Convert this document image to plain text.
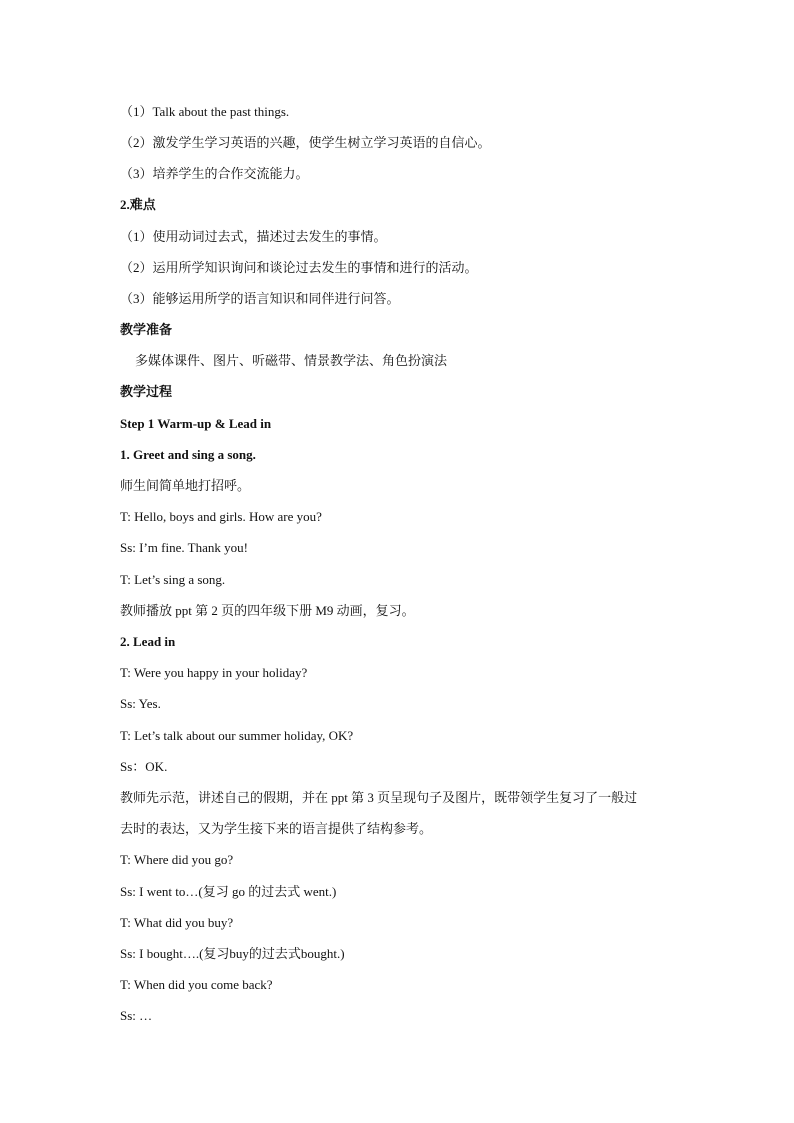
（1）Talk about the past things.
（2）激发学生学习英语的兴趣，使学生树立学习英语的自信心。
（3）培养学生的合作交流能力。
2.难点
（1）使用动词过去式，描述过去发生的事情。
（2）运用所学知识询问和谈论过去发生的事情和进行的活动。
（3）能够运用所学的语言知识和同伴进行问答。
教学准备
多媒体课件、图片、听磁带、情景教学法、角色扮演法
教学过程
Step 1 Warm-up & Lead in
1. Greet and sing a song.
师生间简单地打招呼。
T: Hello, boys and girls. How are you?
Ss: I’m fine. Thank you!
T: Let’s sing a song.
教师播放 ppt 第 2 页的四年级下册 M9 动画，复习。
2. Lead in
T: Were you happy in your holiday?
Ss: Yes.
T: Let’s talk about our summer holiday, OK?
Ss：OK.
教师先示范，讲述自己的假期，并在 ppt 第 3 页呈现句子及图片，既带领学生复习了一般过
去时的表达，又为学生接下来的语言提供了结构参考。
T: Where did you go?
Ss: I went to…(复习 go 的过去式 went.)
T: What did you buy?
Ss: I bought….(复习buy的过去式bought.)
T: When did you come back?
Ss: …
